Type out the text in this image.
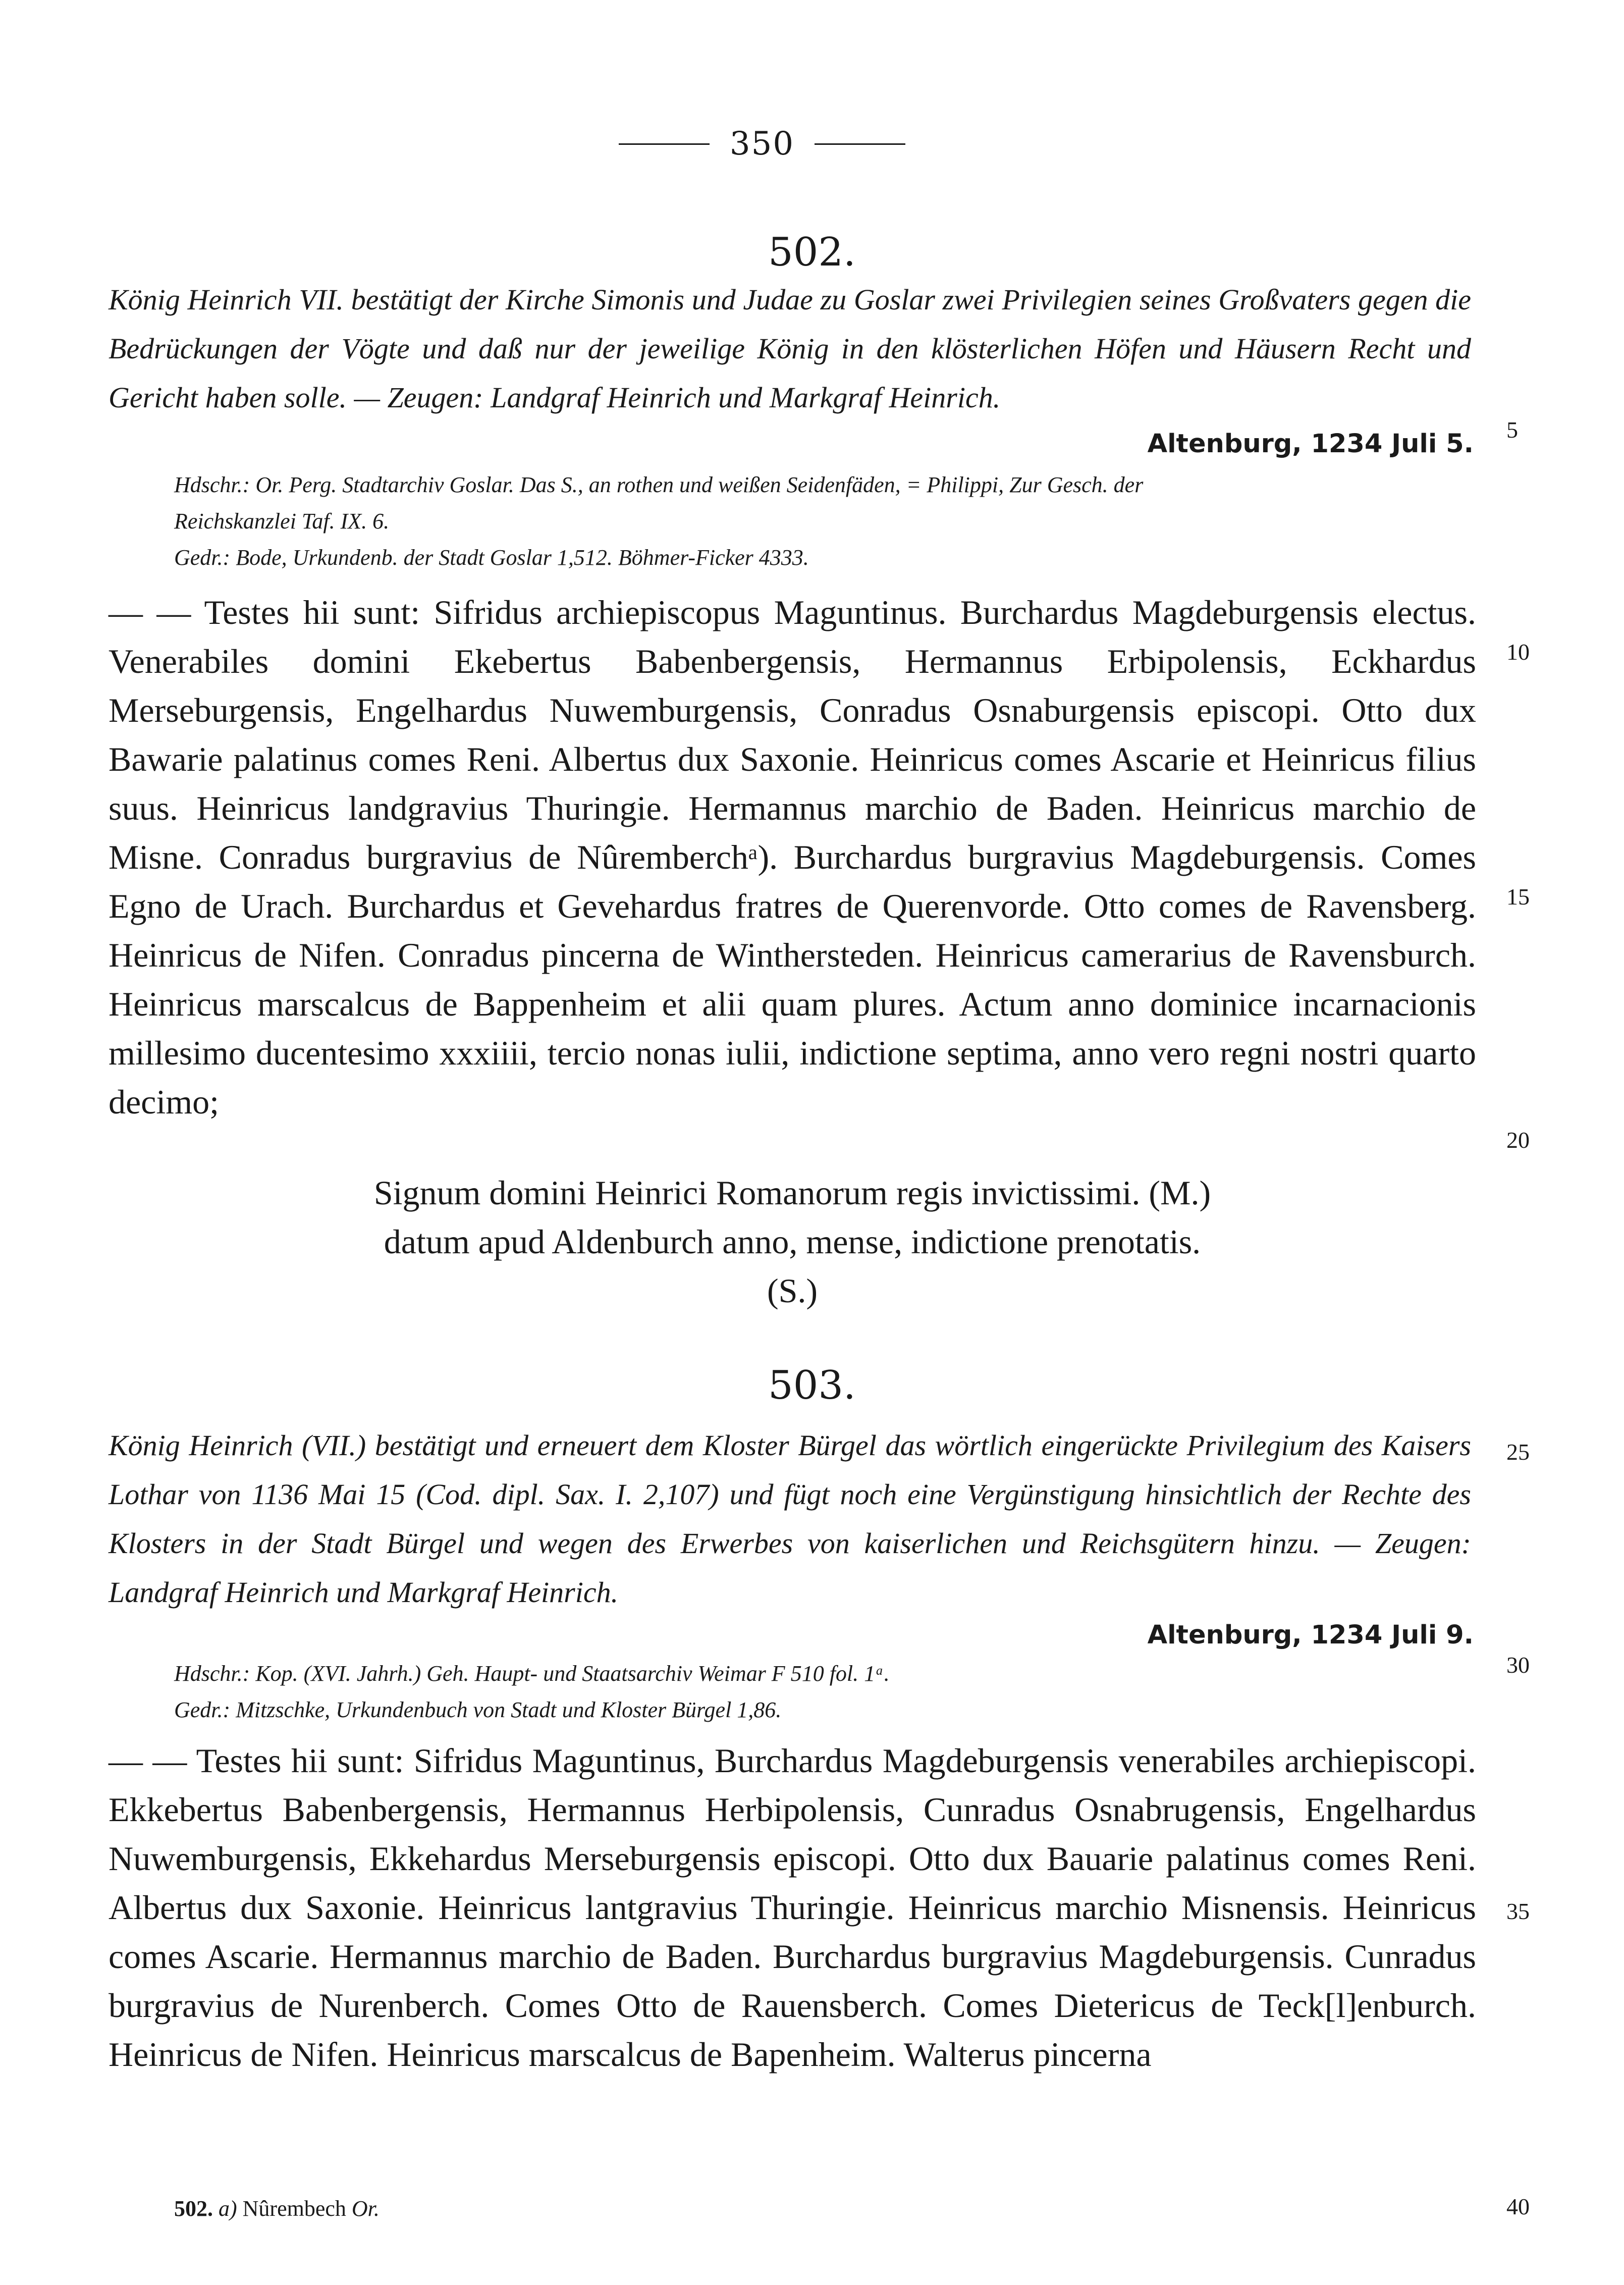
350
502.
König Heinrich VII. bestätigt der Kirche Simonis und Judae zu Goslar zwei Privilegien seines Großvaters gegen die Bedrückungen der Vögte und daß nur der jeweilige König in den klösterlichen Höfen und Häusern Recht und Gericht haben solle. — Zeugen: Landgraf Heinrich und Markgraf Heinrich.
Altenburg, 1234 Juli 5.
Hdschr.: Or. Perg. Stadtarchiv Goslar. Das S., an rothen und weißen Seidenfäden, = Philippi, Zur Gesch. der
Reichskanzlei Taf. IX. 6.
Gedr.: Bode, Urkundenb. der Stadt Goslar 1,512. Böhmer-Ficker 4333.
— — Testes hii sunt: Sifridus archiepiscopus Maguntinus. Burchardus Magdeburgensis electus. Venerabiles domini Ekebertus Babenbergensis, Hermannus Erbipolensis, Eckhardus Merseburgensis, Engelhardus Nuwemburgensis, Conradus Osnaburgensis episcopi. Otto dux Bawarie palatinus comes Reni. Albertus dux Saxonie. Heinricus comes Ascarie et Heinricus filius suus. Heinricus landgravius Thuringie. Hermannus marchio de Baden. Heinricus marchio de Misne. Conradus burgravius de Nûremberchᵃ). Burchardus burgravius Magdeburgensis. Comes Egno de Urach. Burchardus et Gevehardus fratres de Querenvorde. Otto comes de Ravensberg. Heinricus de Nifen. Conradus pincerna de Winthersteden. Heinricus camerarius de Ravensburch. Heinricus marscalcus de Bappenheim et alii quam plures. Actum anno dominice incarnacionis millesimo ducentesimo xxxiiii, tercio nonas iulii, indictione septima, anno vero regni nostri quarto decimo;
Signum domini Heinrici Romanorum regis invictissimi. (M.)
datum apud Aldenburch anno, mense, indictione prenotatis.
(S.)
503.
König Heinrich (VII.) bestätigt und erneuert dem Kloster Bürgel das wörtlich eingerückte Privilegium des Kaisers Lothar von 1136 Mai 15 (Cod. dipl. Sax. I. 2,107) und fügt noch eine Vergünstigung hinsichtlich der Rechte des Klosters in der Stadt Bürgel und wegen des Erwerbes von kaiserlichen und Reichsgütern hinzu. — Zeugen: Landgraf Heinrich und Markgraf Heinrich.
Altenburg, 1234 Juli 9.
Hdschr.: Kop. (XVI. Jahrh.) Geh. Haupt- und Staatsarchiv Weimar F 510 fol. 1ᵃ.
Gedr.: Mitzschke, Urkundenbuch von Stadt und Kloster Bürgel 1,86.
— — Testes hii sunt: Sifridus Maguntinus, Burchardus Magdeburgensis venerabiles archiepiscopi. Ekkebertus Babenbergensis, Hermannus Herbipolensis, Cunradus Osnabrugensis, Engelhardus Nuwemburgensis, Ekkehardus Merseburgensis episcopi. Otto dux Bauarie palatinus comes Reni. Albertus dux Saxonie. Heinricus lantgravius Thuringie. Heinricus marchio Misnensis. Heinricus comes Ascarie. Hermannus marchio de Baden. Burchardus burgravius Magdeburgensis. Cunradus burgravius de Nurenberch. Comes Otto de Rauensberch. Comes Dietericus de Teck[l]enburch. Heinricus de Nifen. Heinricus marscalcus de Bapenheim. Walterus pincerna
502. a) Nûrembech Or.
5
10
15
20
25
30
35
40
